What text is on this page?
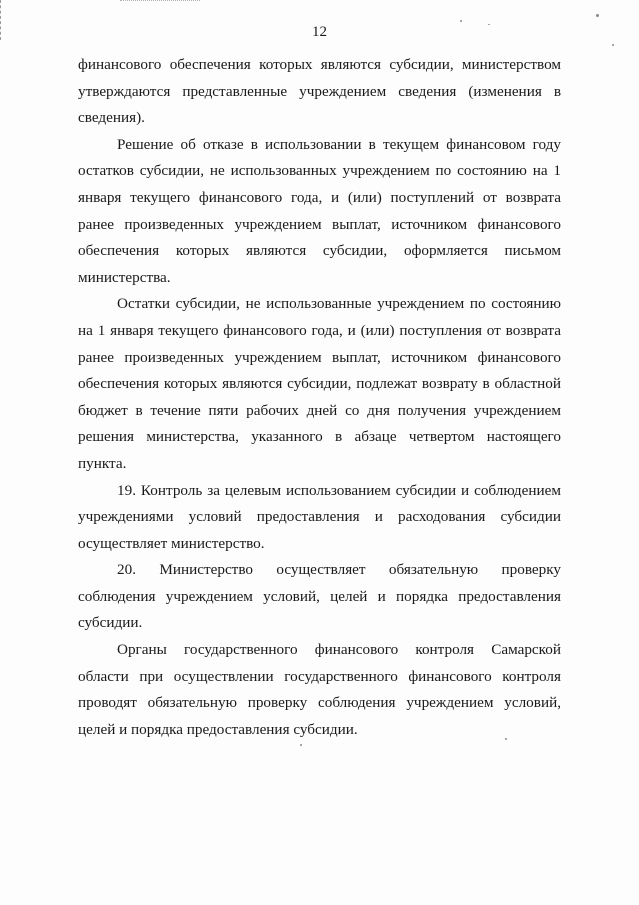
12

финансового обеспечения которых являются субсидии, министерством утверждаются представленные учреждением сведения (изменения в сведения).

Решение об отказе в использовании в текущем финансовом году остатков субсидии, не использованных учреждением по состоянию на 1 января текущего финансового года, и (или) поступлений от возврата ранее произведенных учреждением выплат, источником финансового обеспечения которых являются субсидии, оформляется письмом министерства.

Остатки субсидии, не использованные учреждением по состоянию на 1 января текущего финансового года, и (или) поступления от возврата ранее произведенных учреждением выплат, источником финансового обеспечения которых являются субсидии, подлежат возврату в областной бюджет в течение пяти рабочих дней со дня получения учреждением решения министерства, указанного в абзаце четвертом настоящего пункта.

19. Контроль за целевым использованием субсидии и соблюдением учреждениями условий предоставления и расходования субсидии осуществляет министерство.

20. Министерство осуществляет обязательную проверку соблюдения учреждением условий, целей и порядка предоставления субсидии.

Органы государственного финансового контроля Самарской области при осуществлении государственного финансового контроля проводят обязательную проверку соблюдения учреждением условий, целей и порядка предоставления субсидии.
